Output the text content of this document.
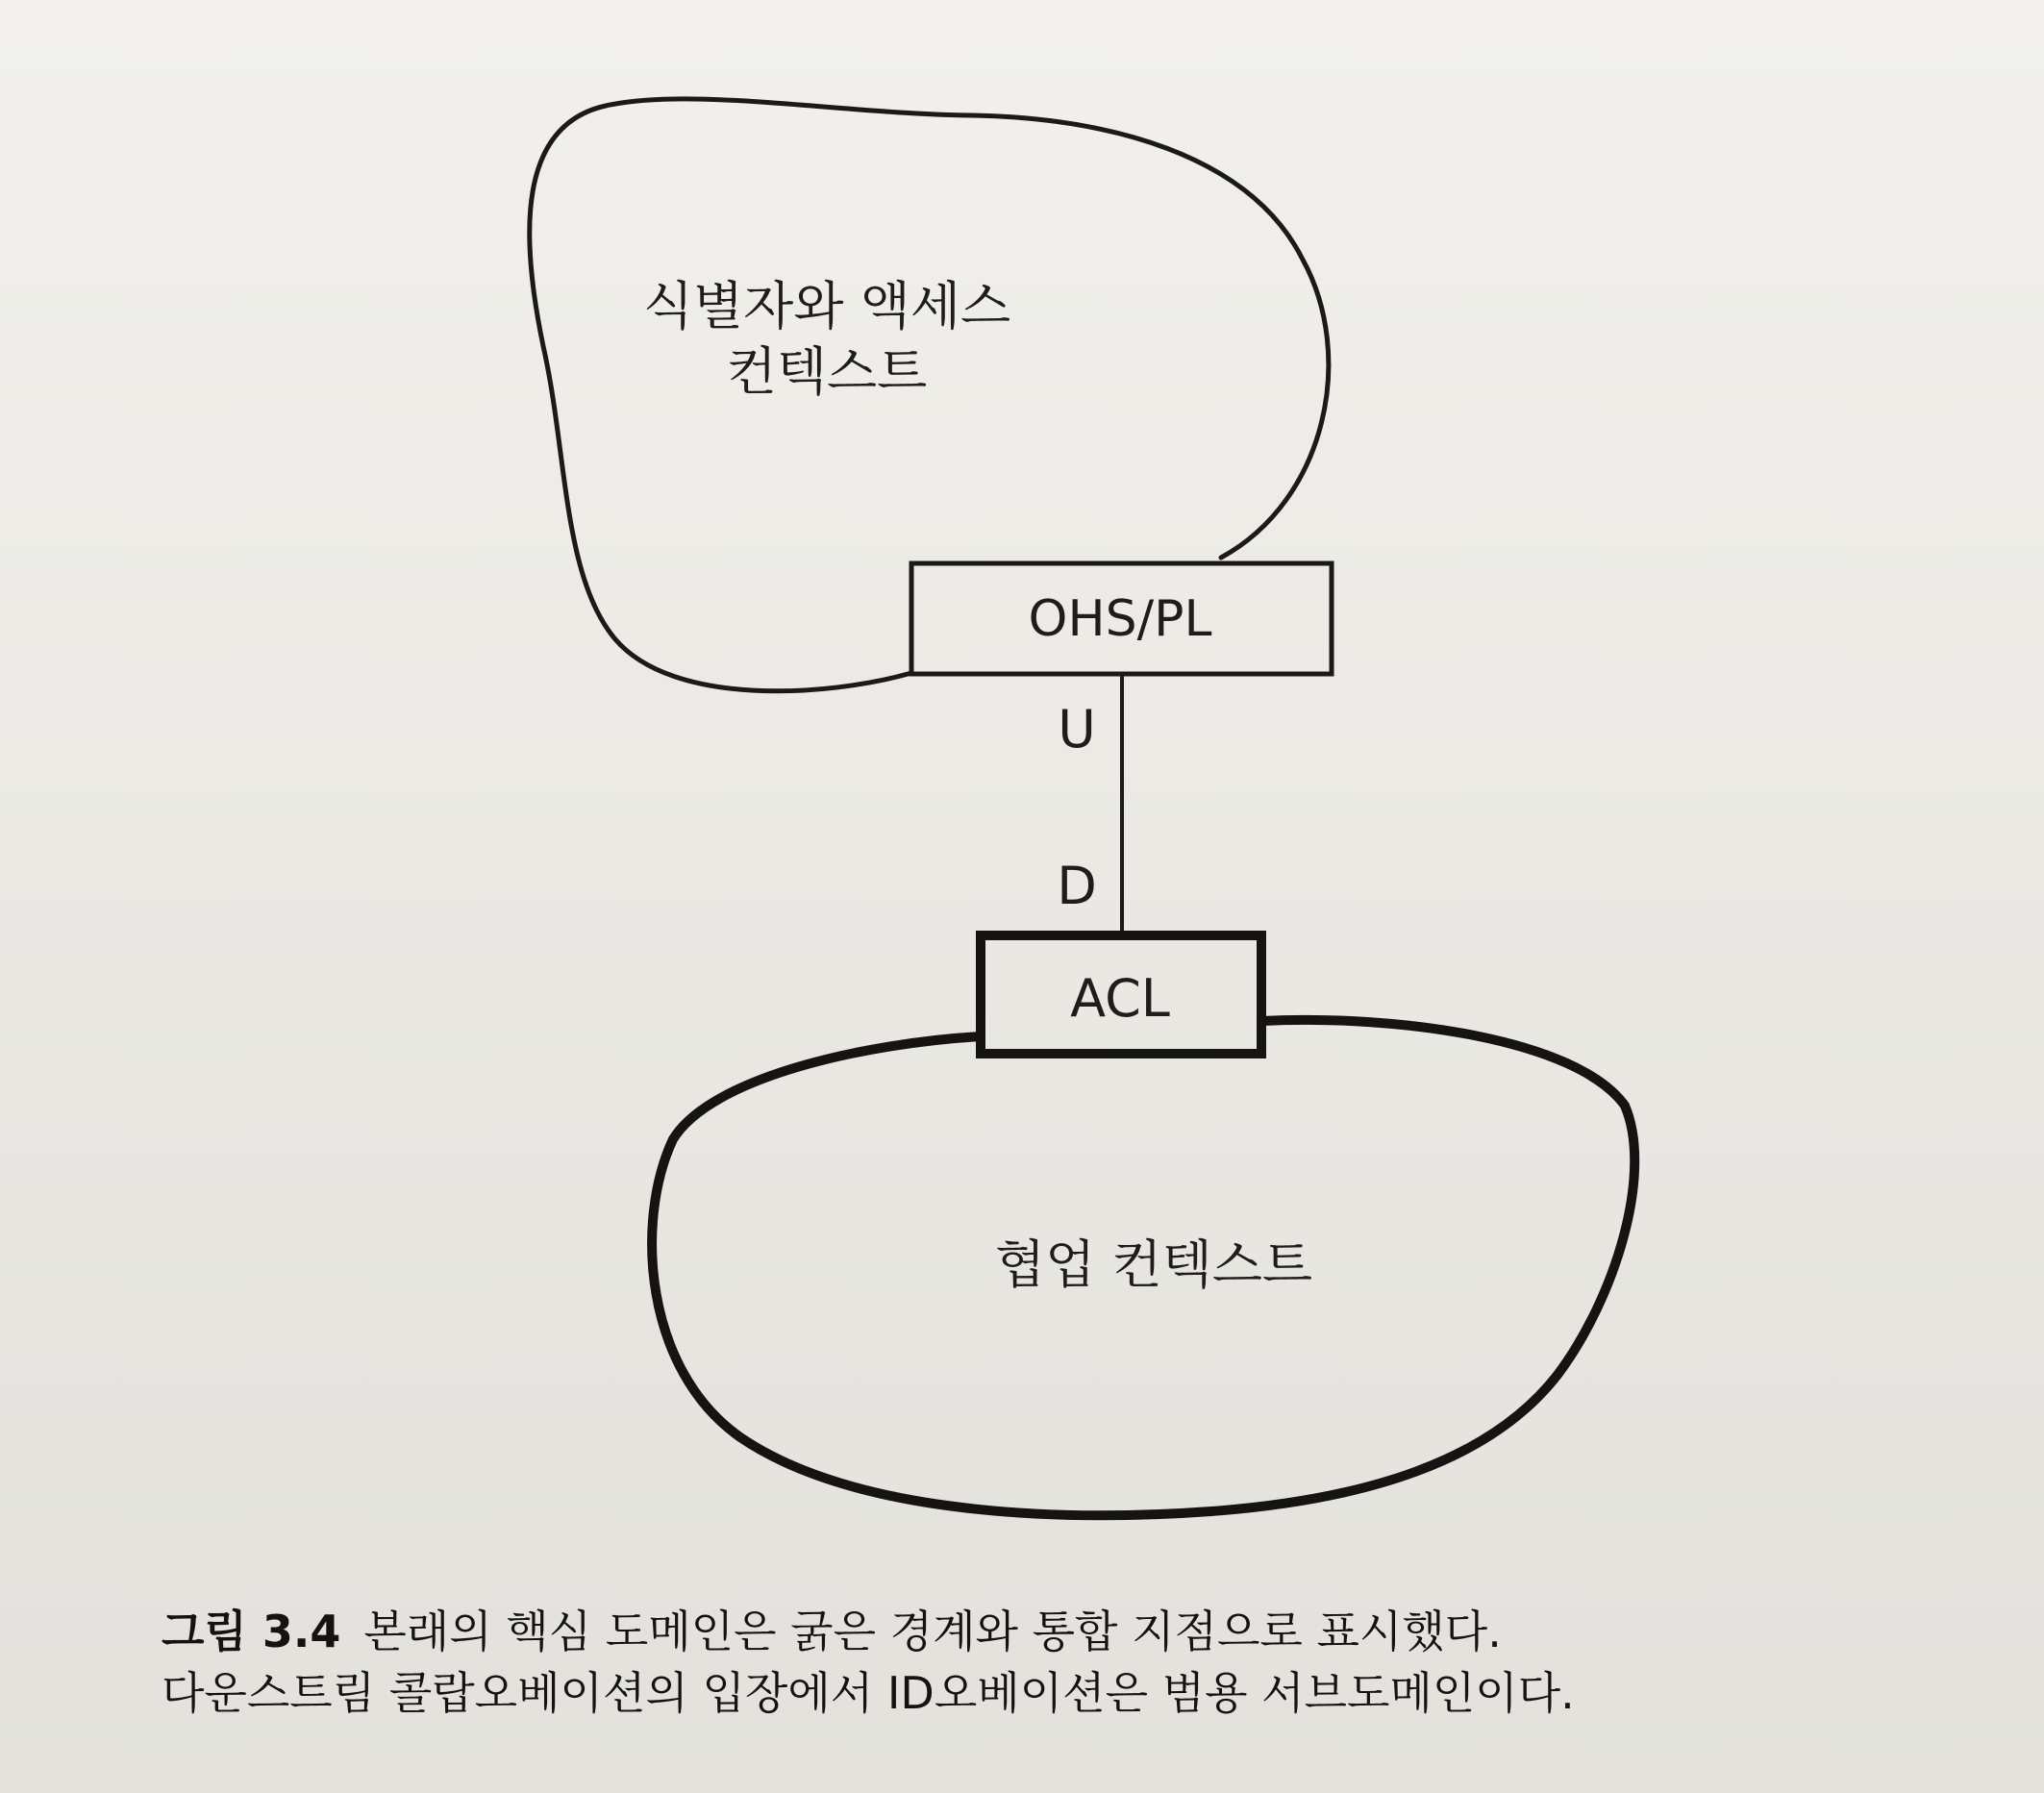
식별자와 액세스
컨텍스트
OHS/PL
U
D
ACL
협업 컨텍스트
그림 3.4 본래의 핵심 도메인은 굵은 경계와 통합 지점으로 표시했다.
다운스트림 콜랍오베이션의 입장에서 ID오베이션은 범용 서브도메인이다.
